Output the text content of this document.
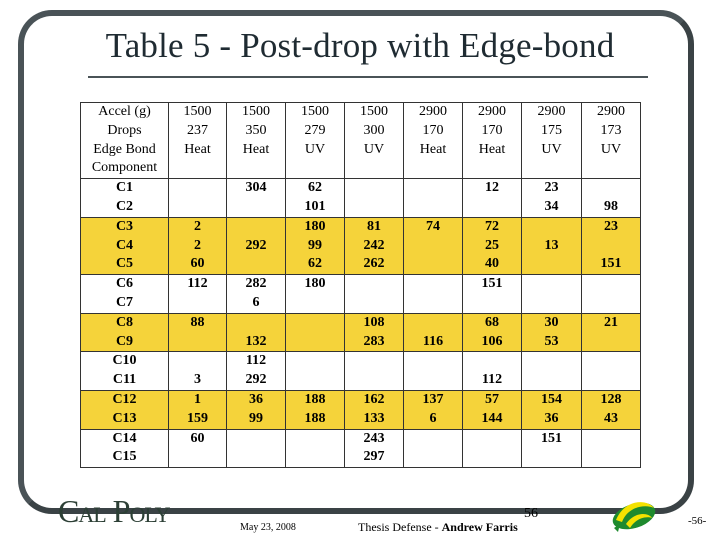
Table 5 - Post-drop with Edge-bond
Accel (g)	1500	1500	1500	1500	2900	2900	2900	2900
Drops	237	350	279	300	170	170	175	173
Edge Bond	Heat	Heat	UV	UV	Heat	Heat	UV	UV
Component								
C1		304	62			12	23	
C2			101				34	98
C3	2		180	81	74	72		23
C4	2	292	99	242		25	13	
C5	60		62	262		40		151
C6	112	282	180			151		
C7		6						
C8	88			108		68	30	21
C9		132		283	116	106	53	
C10		112						
C11	3	292				112		
C12	1	36	188	162	137	57	154	128
C13	159	99	188	133	6	144	36	43
C14	60			243			151	
C15				297				
Cal Poly	May 23, 2008	Thesis Defense - Andrew Farris
56	-56-
